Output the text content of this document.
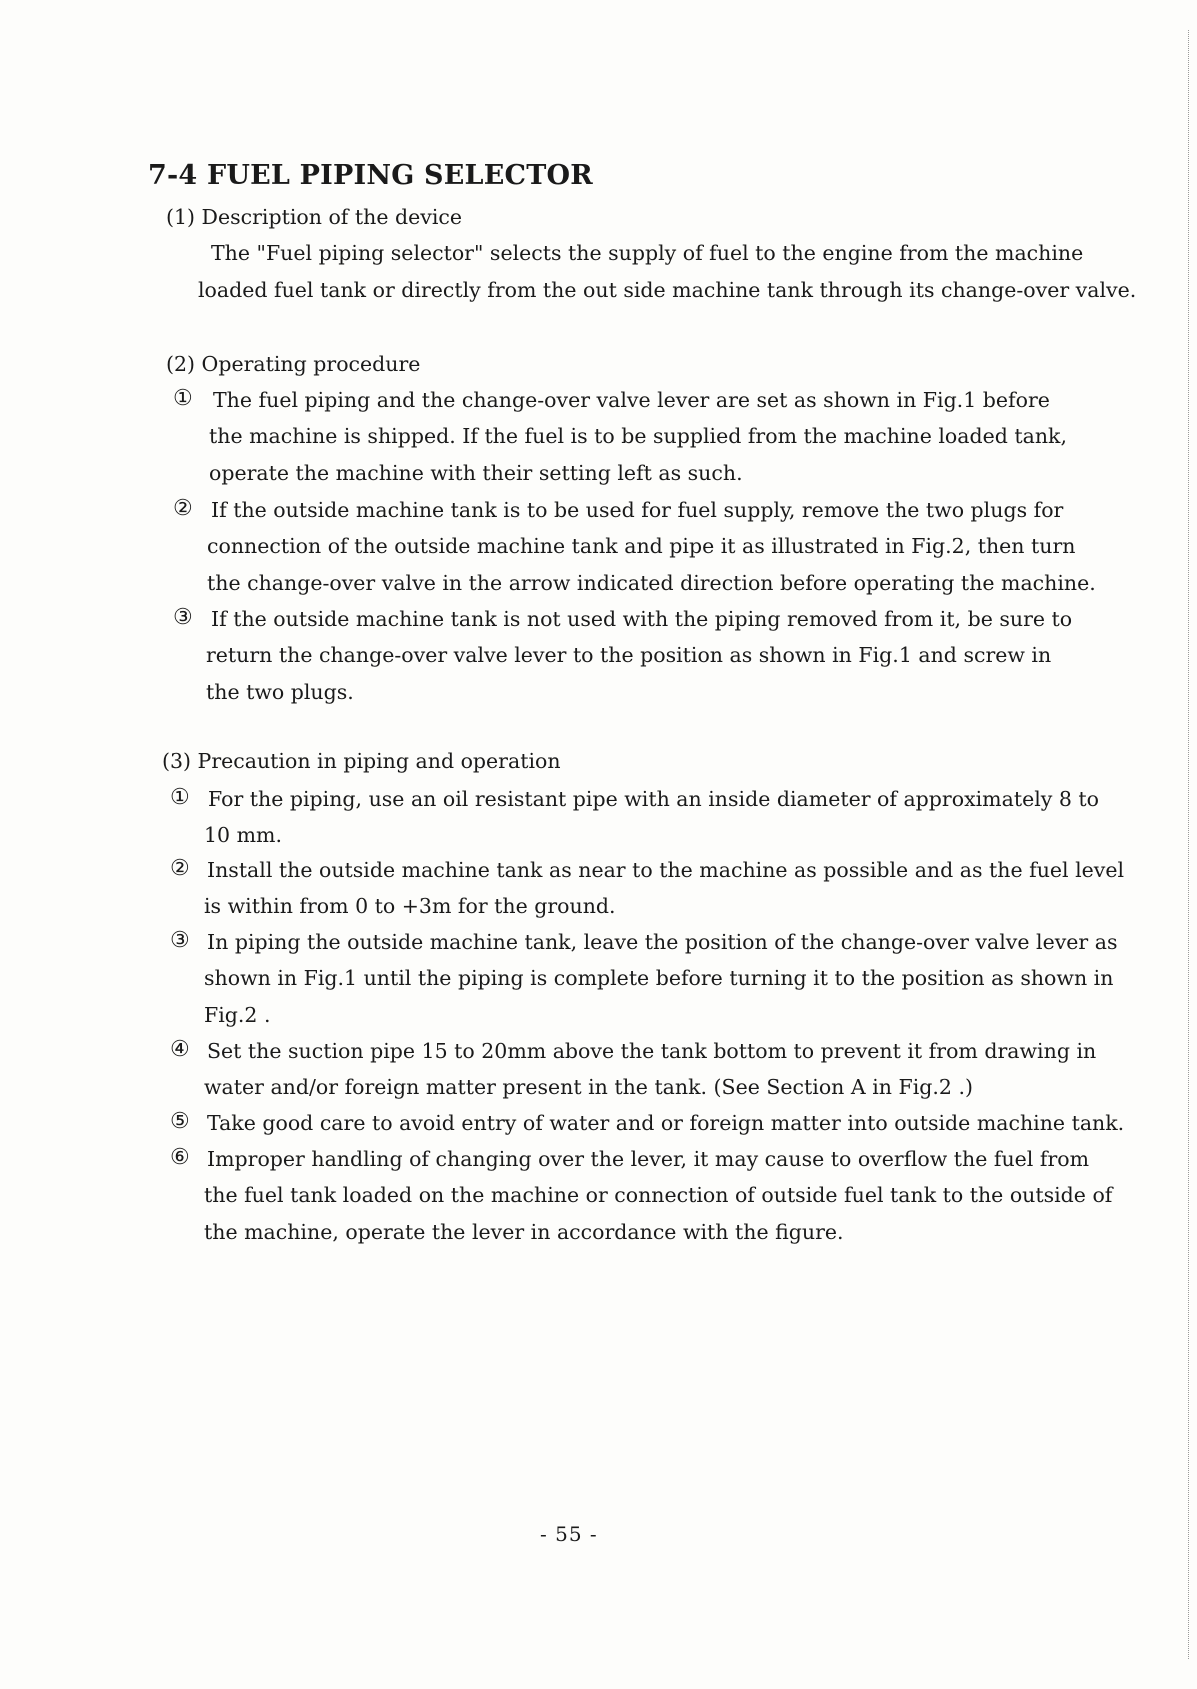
7-4 FUEL PIPING SELECTOR
(1) Description of the device
The "Fuel piping selector" selects the supply of fuel to the engine from the machine
loaded fuel tank or directly from the out side machine tank through its change-over valve.
(2) Operating procedure
① The fuel piping and the change-over valve lever are set as shown in Fig.1 before
the machine is shipped. If the fuel is to be supplied from the machine loaded tank,
operate the machine with their setting left as such.
② If the outside machine tank is to be used for fuel supply, remove the two plugs for
connection of the outside machine tank and pipe it as illustrated in Fig.2, then turn
the change-over valve in the arrow indicated direction before operating the machine.
③ If the outside machine tank is not used with the piping removed from it, be sure to
return the change-over valve lever to the position as shown in Fig.1 and screw in
the two plugs.
(3) Precaution in piping and operation
① For the piping, use an oil resistant pipe with an inside diameter of approximately 8 to
10 mm.
② Install the outside machine tank as near to the machine as possible and as the fuel level
is within from 0 to +3m for the ground.
③ In piping the outside machine tank, leave the position of the change-over valve lever as
shown in Fig.1 until the piping is complete before turning it to the position as shown in
Fig.2 .
④ Set the suction pipe 15 to 20mm above the tank bottom to prevent it from drawing in
water and/or foreign matter present in the tank. (See Section A in Fig.2 .)
⑤ Take good care to avoid entry of water and or foreign matter into outside machine tank.
⑥ Improper handling of changing over the lever, it may cause to overflow the fuel from
the fuel tank loaded on the machine or connection of outside fuel tank to the outside of
the machine, operate the lever in accordance with the figure.
- 55 -
